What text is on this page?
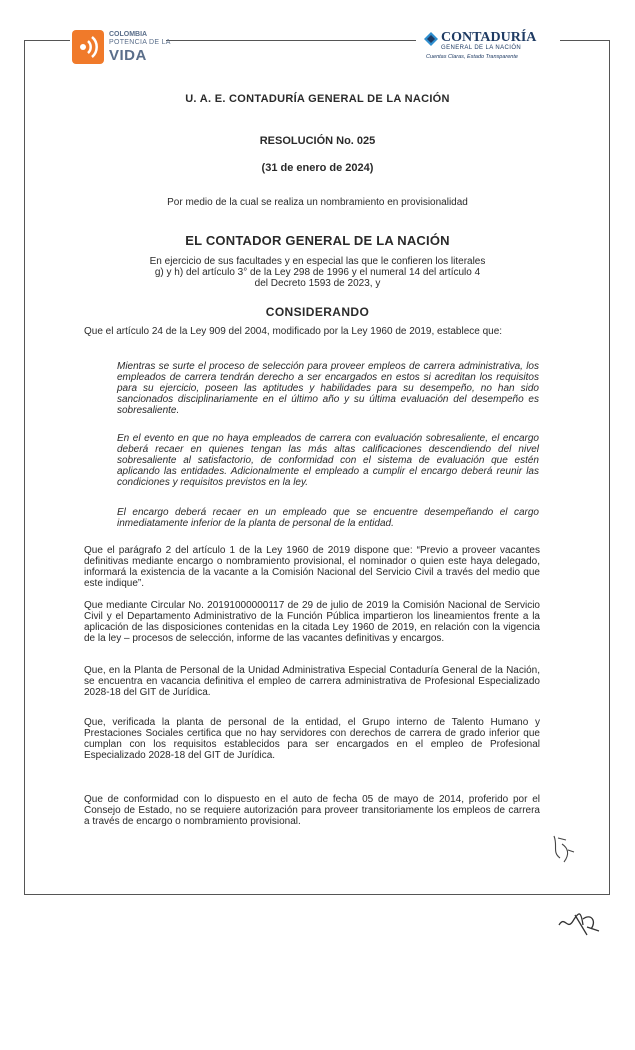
COLOMBIA
POTENCIA DE LA
VIDA
CONTADURÍA
GENERAL DE LA NACIÓN
Cuentas Claras, Estado Transparente
U. A. E. CONTADURÍA GENERAL DE LA NACIÓN
RESOLUCIÓN No. 025
(31 de enero de 2024)
Por medio de la cual se realiza un nombramiento en provisionalidad
EL CONTADOR GENERAL DE LA NACIÓN
En ejercicio de sus facultades y en especial las que le confieren los literales
g) y h) del artículo 3° de la Ley 298 de 1996 y el numeral 14 del artículo 4
del Decreto 1593 de 2023, y
CONSIDERANDO

Que el artículo 24 de la Ley 909 del 2004, modificado por la Ley 1960 de 2019, establece que:

Mientras se surte el proceso de selección para proveer empleos de carrera administrativa, los empleados de carrera tendrán derecho a ser encargados en estos si acreditan los requisitos para su ejercicio, poseen las aptitudes y habilidades para su desempeño, no han sido sancionados disciplinariamente en el último año y su última evaluación del desempeño es sobresaliente.

En el evento en que no haya empleados de carrera con evaluación sobresaliente, el encargo deberá recaer en quienes tengan las más altas calificaciones descendiendo del nivel sobresaliente al satisfactorio, de conformidad con el sistema de evaluación que estén aplicando las entidades. Adicionalmente el empleado a cumplir el encargo deberá reunir las condiciones y requisitos previstos en la ley.

El encargo deberá recaer en un empleado que se encuentre desempeñando el cargo inmediatamente inferior de la planta de personal de la entidad.

Que el parágrafo 2 del artículo 1 de la Ley 1960 de 2019 dispone que: “Previo a proveer vacantes definitivas mediante encargo o nombramiento provisional, el nominador o quien este haya delegado, informará la existencia de la vacante a la Comisión Nacional del Servicio Civil a través del medio que este indique”.

Que mediante Circular No. 20191000000117 de 29 de julio de 2019 la Comisión Nacional de Servicio Civil y el Departamento Administrativo de la Función Pública impartieron los lineamientos frente a la aplicación de las disposiciones contenidas en la citada Ley 1960 de 2019, en relación con la vigencia de la ley – procesos de selección, informe de las vacantes definitivas y encargos.

Que, en la Planta de Personal de la Unidad Administrativa Especial Contaduría General de la Nación, se encuentra en vacancia definitiva el empleo de carrera administrativa de Profesional Especializado 2028-18 del GIT de Jurídica.

Que, verificada la planta de personal de la entidad, el Grupo interno de Talento Humano y Prestaciones Sociales certifica que no hay servidores con derechos de carrera de grado inferior que cumplan con los requisitos establecidos para ser encargados en el empleo de Profesional Especializado 2028-18 del GIT de Jurídica.

Que de conformidad con lo dispuesto en el auto de fecha 05 de mayo de 2014, proferido por el Consejo de Estado, no se requiere autorización para proveer transitoriamente los empleos de carrera a través de encargo o nombramiento provisional.
